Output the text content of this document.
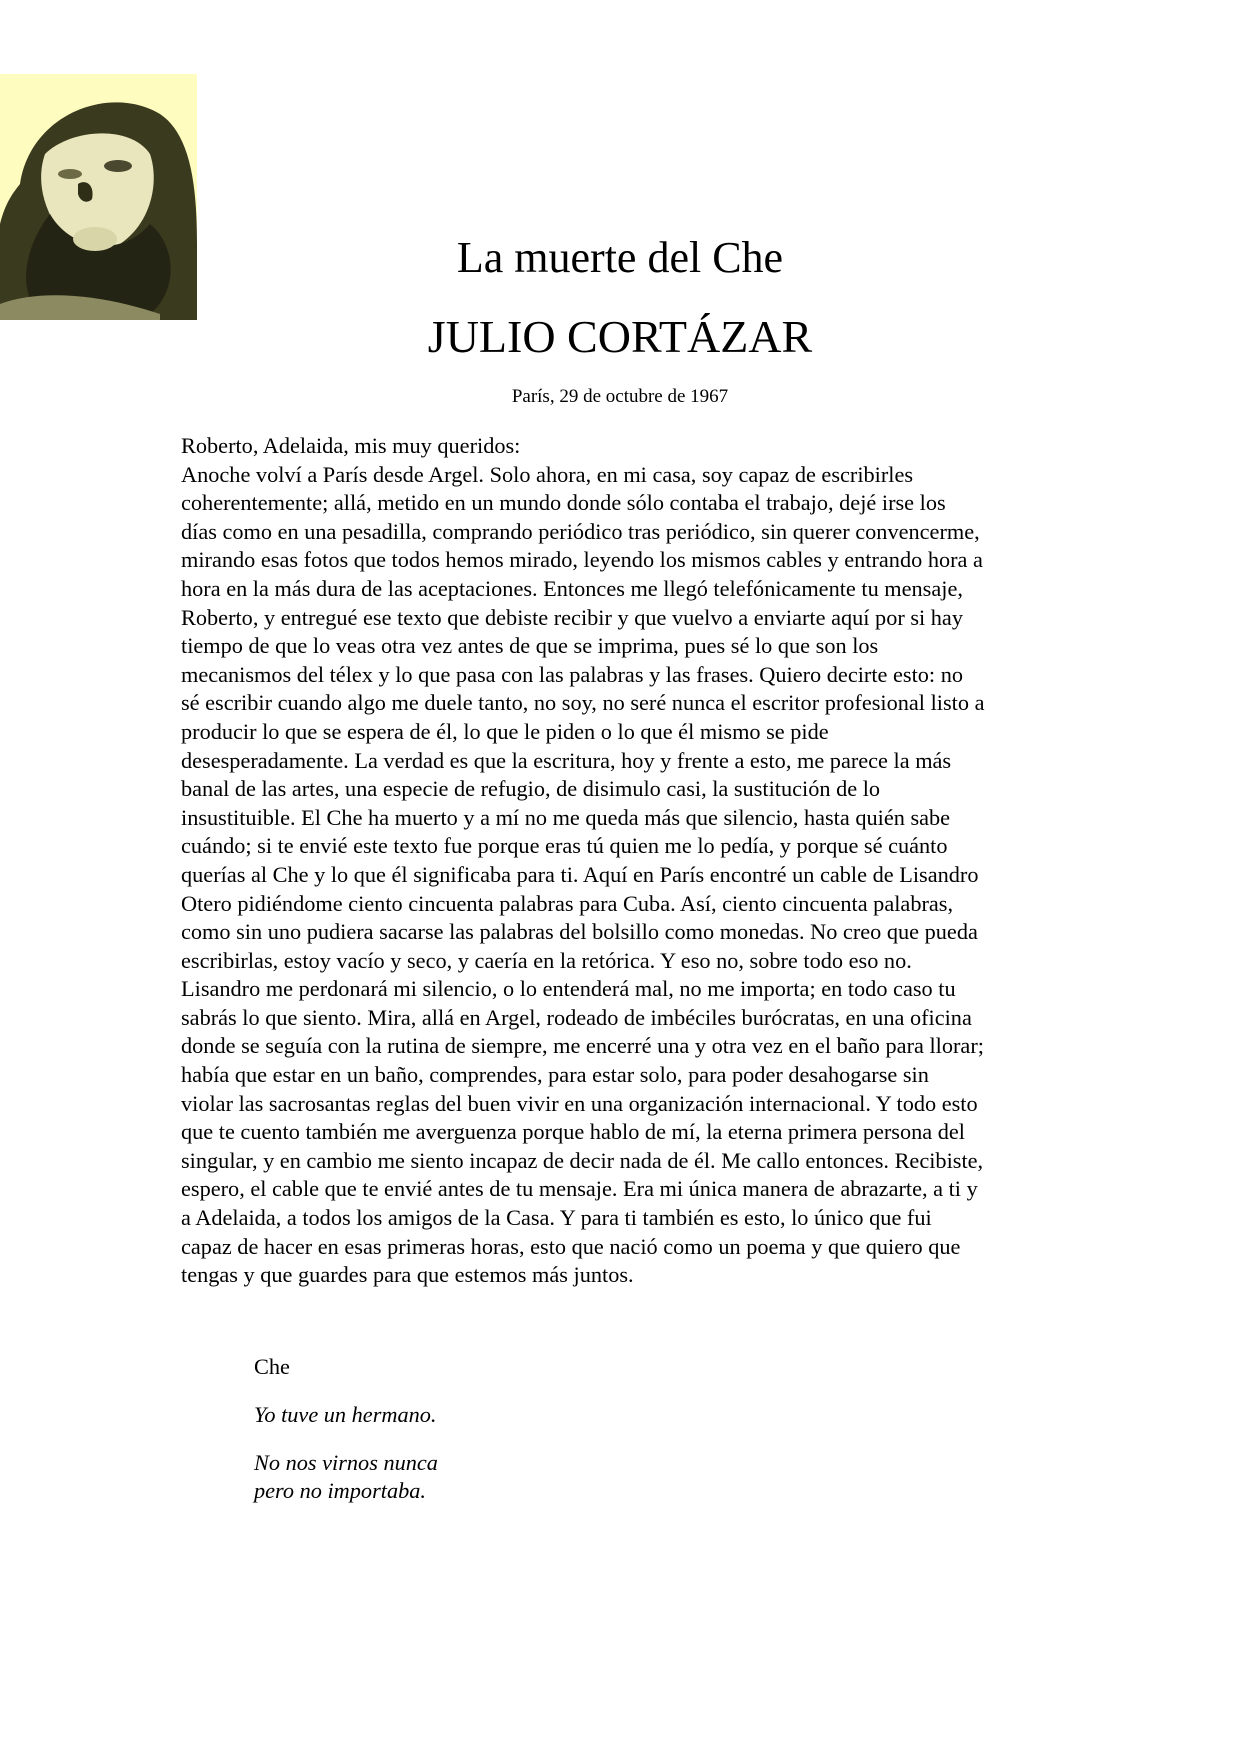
La muerte del Che
JULIO CORTÁZAR
París, 29 de octubre de 1967

Roberto, Adelaida, mis muy queridos:

Anoche volví a París desde Argel. Solo ahora, en mi casa, soy capaz de escribirles
coherentemente; allá, metido en un mundo donde sólo contaba el trabajo, dejé irse los
días como en una pesadilla, comprando periódico tras periódico, sin querer convencerme,
mirando esas fotos que todos hemos mirado, leyendo los mismos cables y entrando hora a
hora en la más dura de las aceptaciones. Entonces me llegó telefónicamente tu mensaje,
Roberto, y entregué ese texto que debiste recibir y que vuelvo a enviarte aquí por si hay
tiempo de que lo veas otra vez antes de que se imprima, pues sé lo que son los
mecanismos del télex y lo que pasa con las palabras y las frases. Quiero decirte esto: no
sé escribir cuando algo me duele tanto, no soy, no seré nunca el escritor profesional listo a
producir lo que se espera de él, lo que le piden o lo que él mismo se pide
desesperadamente. La verdad es que la escritura, hoy y frente a esto, me parece la más
banal de las artes, una especie de refugio, de disimulo casi, la sustitución de lo
insustituible. El Che ha muerto y a mí no me queda más que silencio, hasta quién sabe
cuándo; si te envié este texto fue porque eras tú quien me lo pedía, y porque sé cuánto
querías al Che y lo que él significaba para ti. Aquí en París encontré un cable de Lisandro
Otero pidiéndome ciento cincuenta palabras para Cuba. Así, ciento cincuenta palabras,
como sin uno pudiera sacarse las palabras del bolsillo como monedas. No creo que pueda
escribirlas, estoy vacío y seco, y caería en la retórica. Y eso no, sobre todo eso no.
Lisandro me perdonará mi silencio, o lo entenderá mal, no me importa; en todo caso tu
sabrás lo que siento. Mira, allá en Argel, rodeado de imbéciles burócratas, en una oficina
donde se seguía con la rutina de siempre, me encerré una y otra vez en el baño para llorar;
había que estar en un baño, comprendes, para estar solo, para poder desahogarse sin
violar las sacrosantas reglas del buen vivir en una organización internacional. Y todo esto
que te cuento también me averguenza porque hablo de mí, la eterna primera persona del
singular, y en cambio me siento incapaz de decir nada de él. Me callo entonces. Recibiste,
espero, el cable que te envié antes de tu mensaje. Era mi única manera de abrazarte, a ti y
a Adelaida, a todos los amigos de la Casa. Y para ti también es esto, lo único que fui
capaz de hacer en esas primeras horas, esto que nació como un poema y que quiero que
tengas y que guardes para que estemos más juntos.

Che

Yo tuve un hermano.

No nos virnos nunca
pero no importaba.
